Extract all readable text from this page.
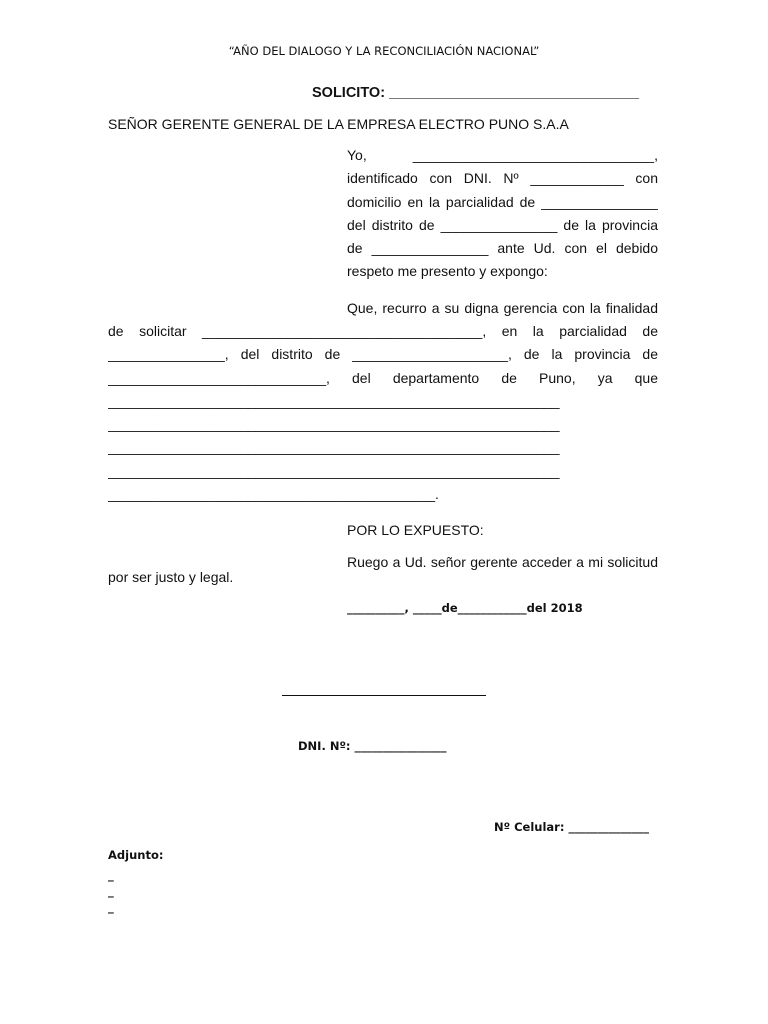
“AÑO DEL DIALOGO Y LA RECONCILIACIÓN NACIONAL”
SOLICITO: _______________________________
SEÑOR GERENTE GENERAL DE LA EMPRESA ELECTRO PUNO S.A.A
Yo, _______________________________,
identificado con DNI. Nº ____________ con
domicilio en la parcialidad de _______________
del distrito de _______________ de la provincia
de _______________ ante Ud. con el debido
respeto me presento y expongo:
Que, recurro a su digna gerencia con la finalidad
de solicitar ____________________________________, en la parcialidad de
_______________, del distrito de ____________________, de la provincia de
____________________________, del departamento de Puno, ya que
__________________________________________________________
__________________________________________________________
__________________________________________________________
__________________________________________________________
__________________________________________.
POR LO EXPUESTO:
Ruego a Ud. señor gerente acceder a mi solicitud
por ser justo y legal.
__________, _____de____________del 2018
DNI. Nº: ________________
Nº Celular: ______________
Adjunto:
_
_
_
